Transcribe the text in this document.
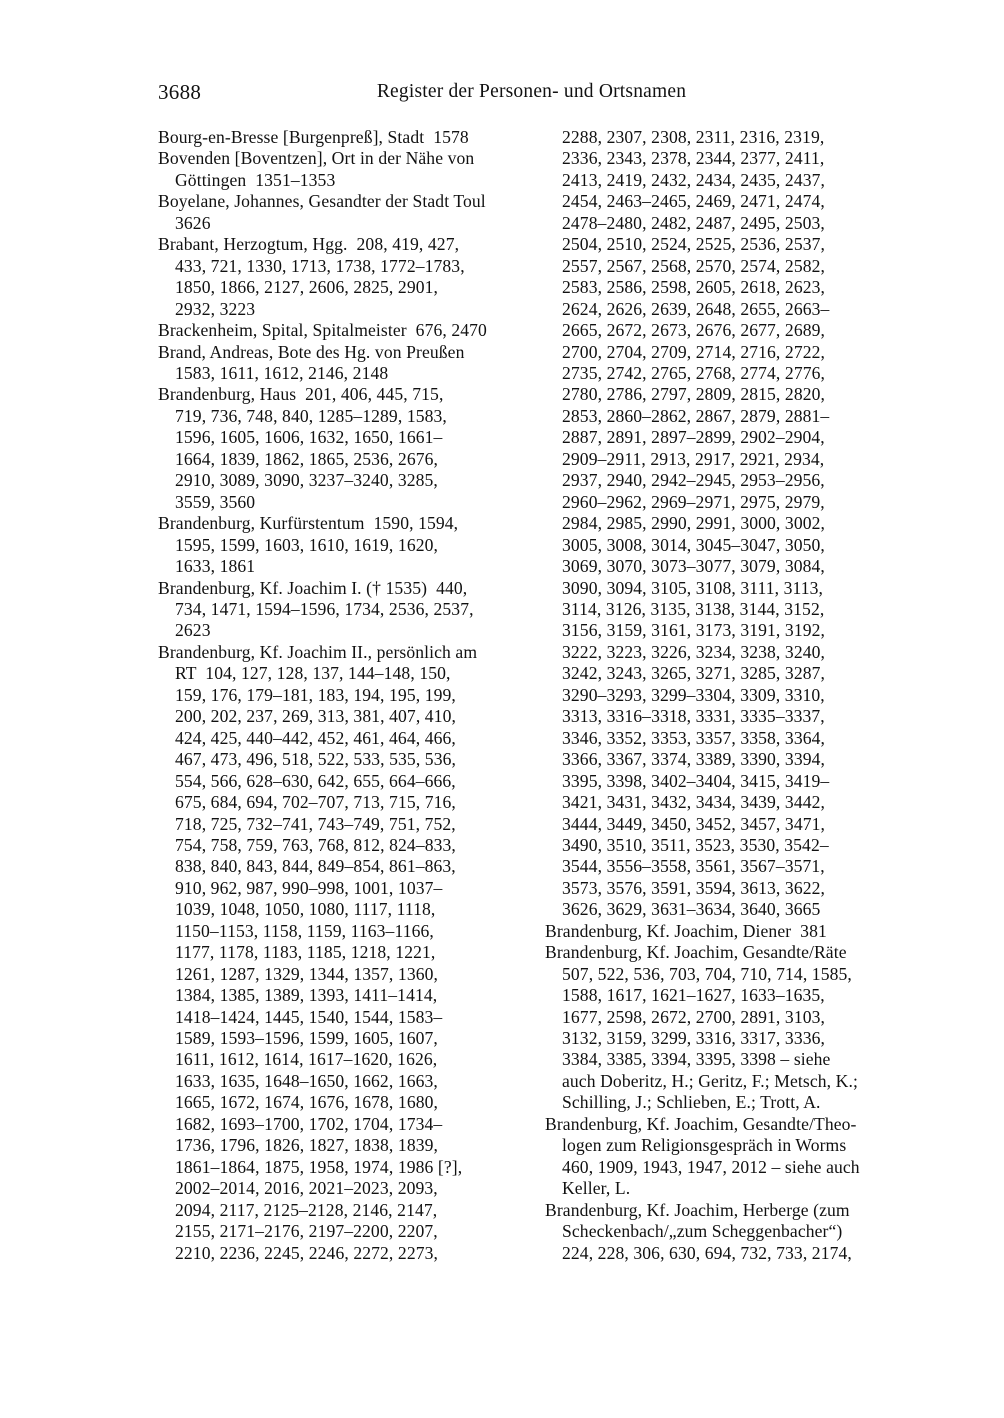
3688	Register der Personen- und Ortsnamen
Bourg-en-Bresse [Burgenpreß], Stadt  1578
Bovenden [Boventzen], Ort in der Nähe von
Göttingen  1351–1353
Boyelane, Johannes, Gesandter der Stadt Toul
3626
Brabant, Herzogtum, Hgg.  208, 419, 427,
433, 721, 1330, 1713, 1738, 1772–1783,
1850, 1866, 2127, 2606, 2825, 2901,
2932, 3223
Brackenheim, Spital, Spitalmeister  676, 2470
Brand, Andreas, Bote des Hg. von Preußen
1583, 1611, 1612, 2146, 2148
Brandenburg, Haus  201, 406, 445, 715,
719, 736, 748, 840, 1285–1289, 1583,
1596, 1605, 1606, 1632, 1650, 1661–
1664, 1839, 1862, 1865, 2536, 2676,
2910, 3089, 3090, 3237–3240, 3285,
3559, 3560
Brandenburg, Kurfürstentum  1590, 1594,
1595, 1599, 1603, 1610, 1619, 1620,
1633, 1861
Brandenburg, Kf. Joachim I. († 1535)  440,
734, 1471, 1594–1596, 1734, 2536, 2537,
2623
Brandenburg, Kf. Joachim II., persönlich am
RT  104, 127, 128, 137, 144–148, 150,
159, 176, 179–181, 183, 194, 195, 199,
200, 202, 237, 269, 313, 381, 407, 410,
424, 425, 440–442, 452, 461, 464, 466,
467, 473, 496, 518, 522, 533, 535, 536,
554, 566, 628–630, 642, 655, 664–666,
675, 684, 694, 702–707, 713, 715, 716,
718, 725, 732–741, 743–749, 751, 752,
754, 758, 759, 763, 768, 812, 824–833,
838, 840, 843, 844, 849–854, 861–863,
910, 962, 987, 990–998, 1001, 1037–
1039, 1048, 1050, 1080, 1117, 1118,
1150–1153, 1158, 1159, 1163–1166,
1177, 1178, 1183, 1185, 1218, 1221,
1261, 1287, 1329, 1344, 1357, 1360,
1384, 1385, 1389, 1393, 1411–1414,
1418–1424, 1445, 1540, 1544, 1583–
1589, 1593–1596, 1599, 1605, 1607,
1611, 1612, 1614, 1617–1620, 1626,
1633, 1635, 1648–1650, 1662, 1663,
1665, 1672, 1674, 1676, 1678, 1680,
1682, 1693–1700, 1702, 1704, 1734–
1736, 1796, 1826, 1827, 1838, 1839,
1861–1864, 1875, 1958, 1974, 1986 [?],
2002–2014, 2016, 2021–2023, 2093,
2094, 2117, 2125–2128, 2146, 2147,
2155, 2171–2176, 2197–2200, 2207,
2210, 2236, 2245, 2246, 2272, 2273,
2288, 2307, 2308, 2311, 2316, 2319,
2336, 2343, 2378, 2344, 2377, 2411,
2413, 2419, 2432, 2434, 2435, 2437,
2454, 2463–2465, 2469, 2471, 2474,
2478–2480, 2482, 2487, 2495, 2503,
2504, 2510, 2524, 2525, 2536, 2537,
2557, 2567, 2568, 2570, 2574, 2582,
2583, 2586, 2598, 2605, 2618, 2623,
2624, 2626, 2639, 2648, 2655, 2663–
2665, 2672, 2673, 2676, 2677, 2689,
2700, 2704, 2709, 2714, 2716, 2722,
2735, 2742, 2765, 2768, 2774, 2776,
2780, 2786, 2797, 2809, 2815, 2820,
2853, 2860–2862, 2867, 2879, 2881–
2887, 2891, 2897–2899, 2902–2904,
2909–2911, 2913, 2917, 2921, 2934,
2937, 2940, 2942–2945, 2953–2956,
2960–2962, 2969–2971, 2975, 2979,
2984, 2985, 2990, 2991, 3000, 3002,
3005, 3008, 3014, 3045–3047, 3050,
3069, 3070, 3073–3077, 3079, 3084,
3090, 3094, 3105, 3108, 3111, 3113,
3114, 3126, 3135, 3138, 3144, 3152,
3156, 3159, 3161, 3173, 3191, 3192,
3222, 3223, 3226, 3234, 3238, 3240,
3242, 3243, 3265, 3271, 3285, 3287,
3290–3293, 3299–3304, 3309, 3310,
3313, 3316–3318, 3331, 3335–3337,
3346, 3352, 3353, 3357, 3358, 3364,
3366, 3367, 3374, 3389, 3390, 3394,
3395, 3398, 3402–3404, 3415, 3419–
3421, 3431, 3432, 3434, 3439, 3442,
3444, 3449, 3450, 3452, 3457, 3471,
3490, 3510, 3511, 3523, 3530, 3542–
3544, 3556–3558, 3561, 3567–3571,
3573, 3576, 3591, 3594, 3613, 3622,
3626, 3629, 3631–3634, 3640, 3665
Brandenburg, Kf. Joachim, Diener  381
Brandenburg, Kf. Joachim, Gesandte/Räte
507, 522, 536, 703, 704, 710, 714, 1585,
1588, 1617, 1621–1627, 1633–1635,
1677, 2598, 2672, 2700, 2891, 3103,
3132, 3159, 3299, 3316, 3317, 3336,
3384, 3385, 3394, 3395, 3398 – siehe
auch Doberitz, H.; Geritz, F.; Metsch, K.;
Schilling, J.; Schlieben, E.; Trott, A.
Brandenburg, Kf. Joachim, Gesandte/Theo-
logen zum Religionsgespräch in Worms
460, 1909, 1943, 1947, 2012 – siehe auch
Keller, L.
Brandenburg, Kf. Joachim, Herberge (zum
Scheckenbach/„zum Scheggenbacher“)
224, 228, 306, 630, 694, 732, 733, 2174,
